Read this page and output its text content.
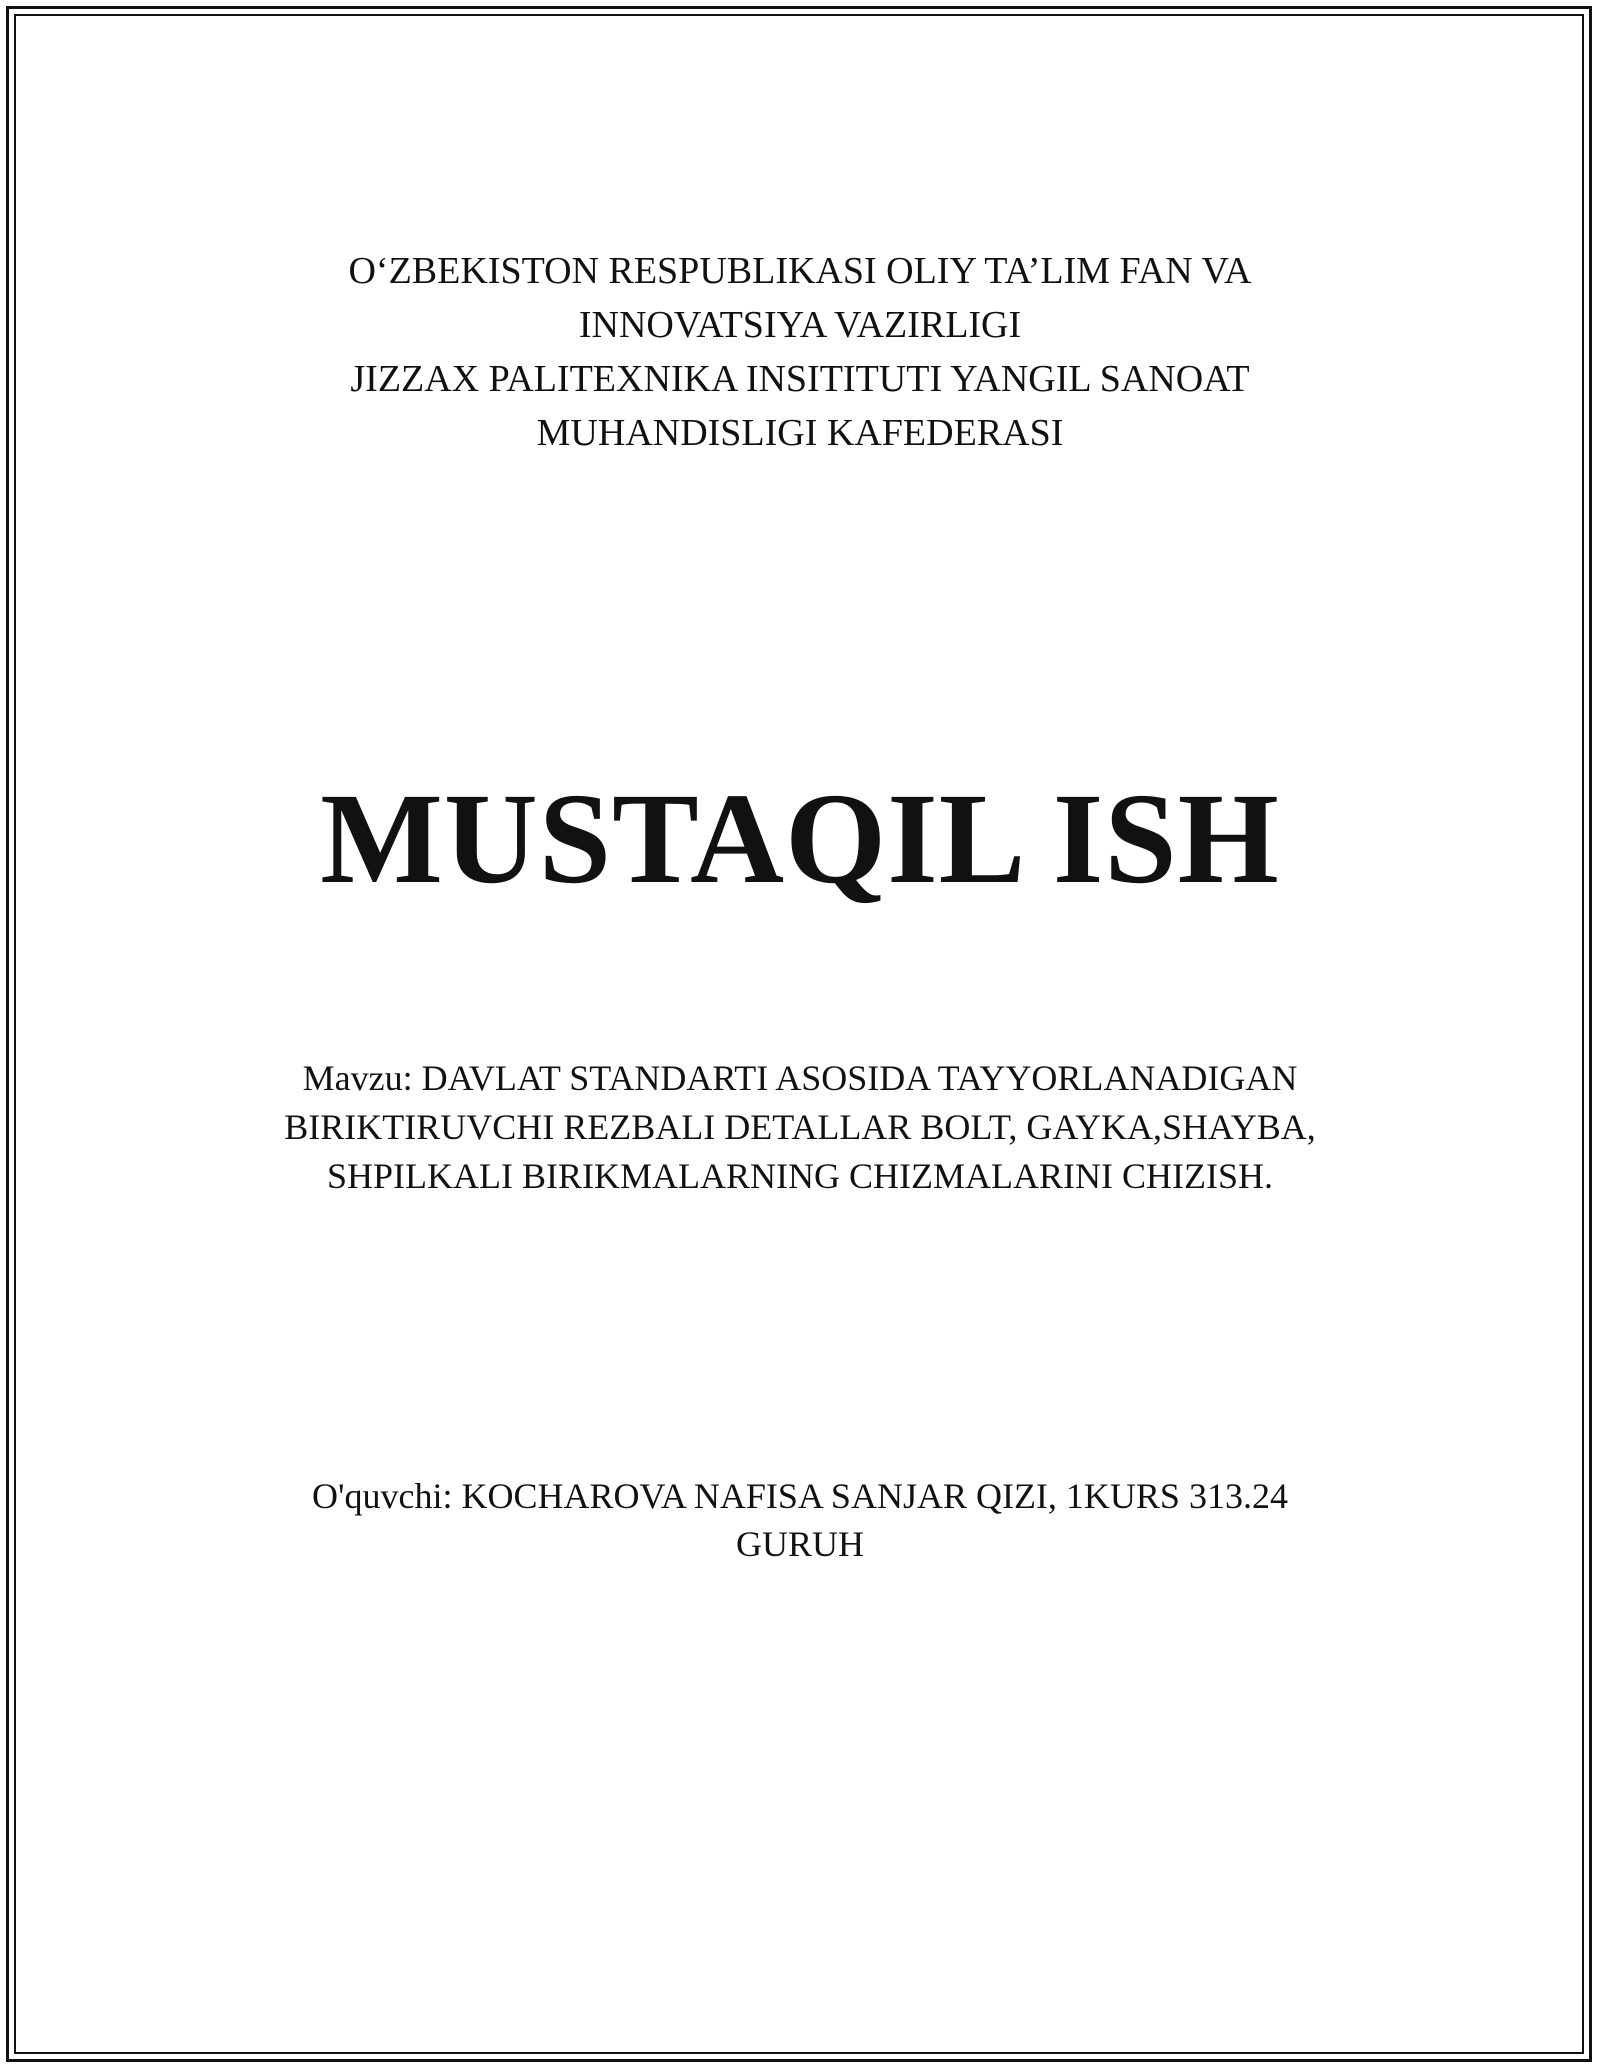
O‘ZBEKISTON RESPUBLIKASI OLIY TA’LIM FAN VA
INNOVATSIYA VAZIRLIGI
JIZZAX PALITEXNIKA INSITITUTI YANGIL SANOAT
MUHANDISLIGI KAFEDERASI
MUSTAQIL ISH
Mavzu: DAVLAT STANDARTI ASOSIDA TAYYORLANADIGAN
BIRIKTIRUVCHI REZBALI DETALLAR BOLT, GAYKA,SHAYBA,
SHPILKALI BIRIKMALARNING CHIZMALARINI CHIZISH.
O'quvchi: KOCHAROVA NAFISA SANJAR QIZI, 1KURS 313.24
GURUH
